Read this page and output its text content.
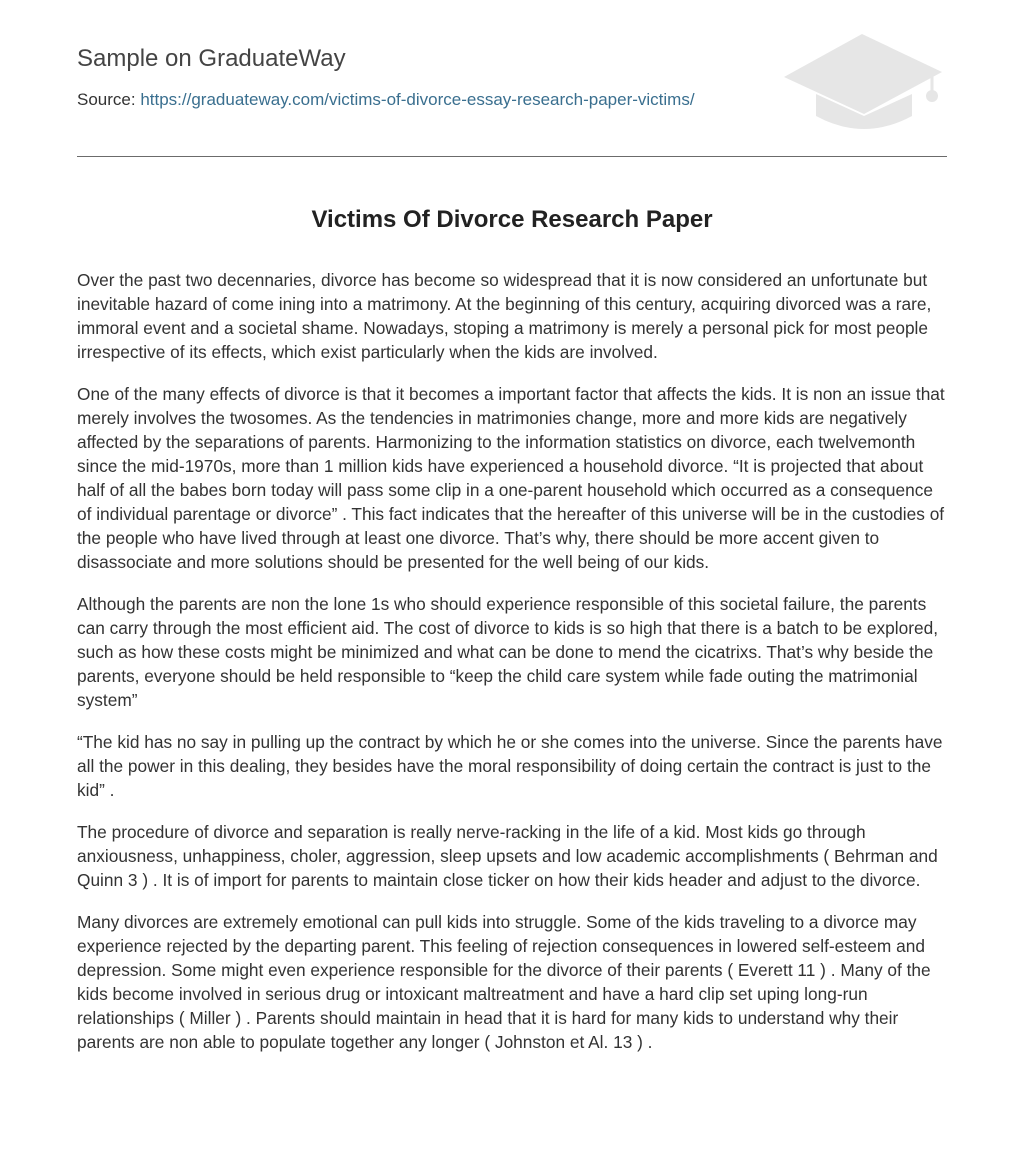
Sample on GraduateWay
Source: https://graduateway.com/victims-of-divorce-essay-research-paper-victims/
Victims Of Divorce Research Paper

Over the past two decennaries, divorce has become so widespread that it is now considered an unfortunate but inevitable hazard of come ining into a matrimony. At the beginning of this century, acquiring divorced was a rare, immoral event and a societal shame. Nowadays, stoping a matrimony is merely a personal pick for most people irrespective of its effects, which exist particularly when the kids are involved.

One of the many effects of divorce is that it becomes a important factor that affects the kids. It is non an issue that merely involves the twosomes. As the tendencies in matrimonies change, more and more kids are negatively affected by the separations of parents. Harmonizing to the information statistics on divorce, each twelvemonth since the mid-1970s, more than 1 million kids have experienced a household divorce. “It is projected that about half of all the babes born today will pass some clip in a one-parent household which occurred as a consequence of individual parentage or divorce” . This fact indicates that the hereafter of this universe will be in the custodies of the people who have lived through at least one divorce. That’s why, there should be more accent given to disassociate and more solutions should be presented for the well being of our kids.

Although the parents are non the lone 1s who should experience responsible of this societal failure, the parents can carry through the most efficient aid. The cost of divorce to kids is so high that there is a batch to be explored, such as how these costs might be minimized and what can be done to mend the cicatrixs. That’s why beside the parents, everyone should be held responsible to “keep the child care system while fade outing the matrimonial system”

“The kid has no say in pulling up the contract by which he or she comes into the universe. Since the parents have all the power in this dealing, they besides have the moral responsibility of doing certain the contract is just to the kid” .

The procedure of divorce and separation is really nerve-racking in the life of a kid. Most kids go through anxiousness, unhappiness, choler, aggression, sleep upsets and low academic accomplishments ( Behrman and Quinn 3 ) . It is of import for parents to maintain close ticker on how their kids header and adjust to the divorce.

Many divorces are extremely emotional can pull kids into struggle. Some of the kids traveling to a divorce may experience rejected by the departing parent. This feeling of rejection consequences in lowered self-esteem and depression. Some might even experience responsible for the divorce of their parents ( Everett 11 ) . Many of the kids become involved in serious drug or intoxicant maltreatment and have a hard clip set uping long-run relationships ( Miller ) . Parents should maintain in head that it is hard for many kids to understand why their parents are non able to populate together any longer ( Johnston et Al. 13 ) .
